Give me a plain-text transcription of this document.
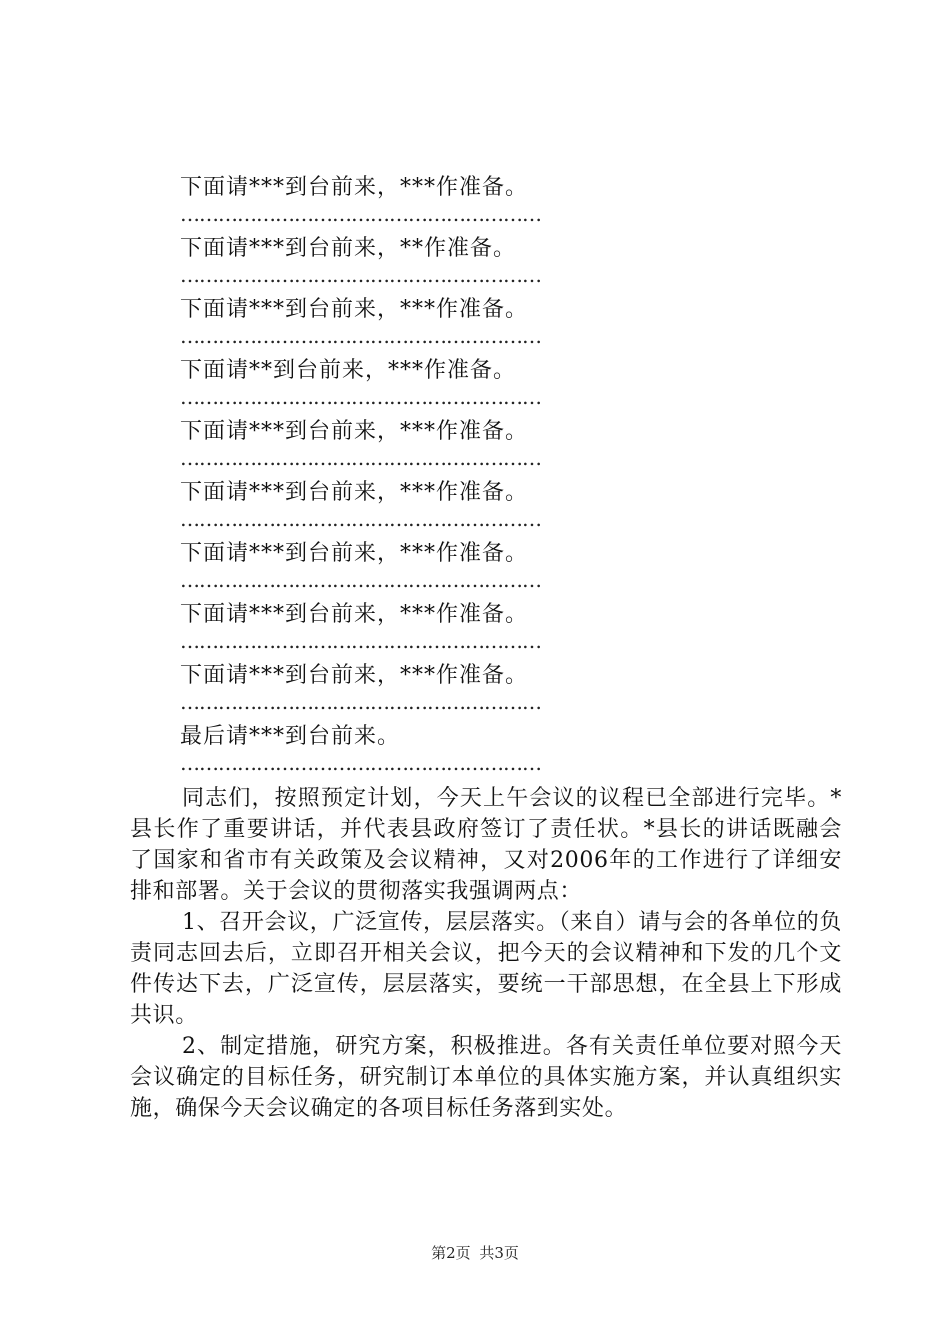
下面请***到台前来，***作准备。
…………………………………………………
下面请***到台前来，**作准备。
…………………………………………………
下面请***到台前来，***作准备。
…………………………………………………
下面请**到台前来，***作准备。
…………………………………………………
下面请***到台前来，***作准备。
…………………………………………………
下面请***到台前来，***作准备。
…………………………………………………
下面请***到台前来，***作准备。
…………………………………………………
下面请***到台前来，***作准备。
…………………………………………………
下面请***到台前来，***作准备。
…………………………………………………
最后请***到台前来。
…………………………………………………

同志们，按照预定计划，今天上午会议的议程已全部进行完毕。*县长作了重要讲话，并代表县政府签订了责任状。*县长的讲话既融会了国家和省市有关政策及会议精神，又对2006年的工作进行了详细安排和部署。关于会议的贯彻落实我强调两点：

1、召开会议，广泛宣传，层层落实。（来自）请与会的各单位的负责同志回去后，立即召开相关会议，把今天的会议精神和下发的几个文件传达下去，广泛宣传，层层落实，要统一干部思想，在全县上下形成共识。

2、制定措施，研究方案，积极推进。各有关责任单位要对照今天会议确定的目标任务，研究制订本单位的具体实施方案，并认真组织实施，确保今天会议确定的各项目标任务落到实处。

第2页 共3页
